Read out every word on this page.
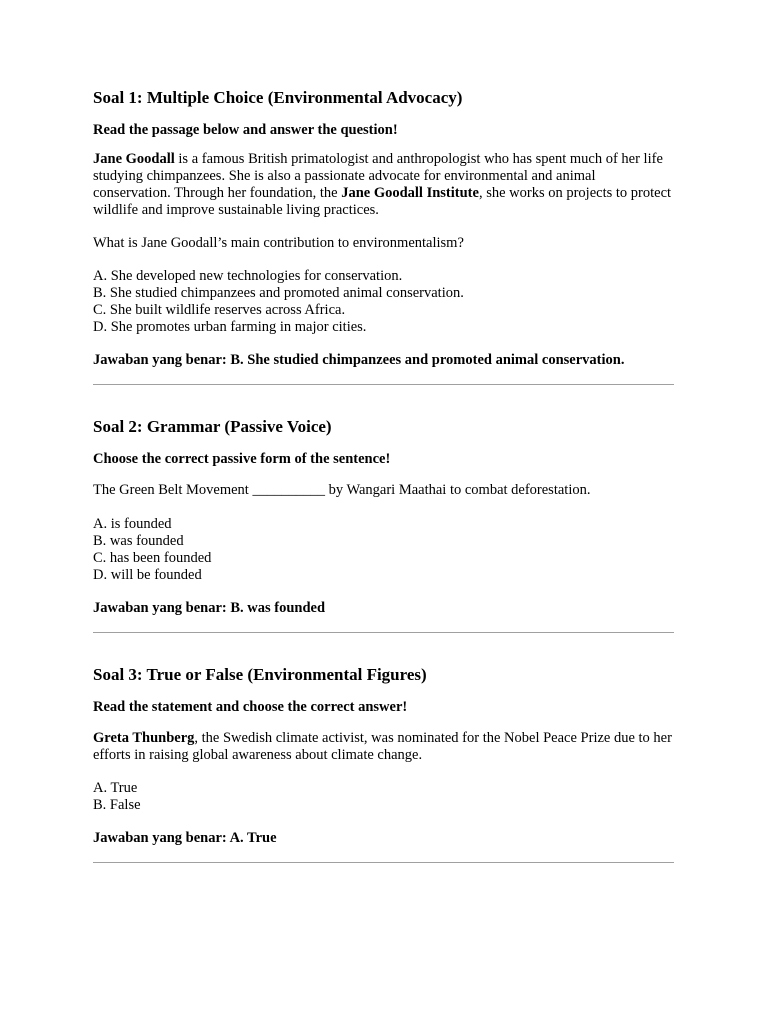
Soal 1: Multiple Choice (Environmental Advocacy)

Read the passage below and answer the question!

Jane Goodall is a famous British primatologist and anthropologist who has spent much of her life studying chimpanzees. She is also a passionate advocate for environmental and animal conservation. Through her foundation, the Jane Goodall Institute, she works on projects to protect wildlife and improve sustainable living practices.

What is Jane Goodall’s main contribution to environmentalism?

A. She developed new technologies for conservation.

B. She studied chimpanzees and promoted animal conservation.

C. She built wildlife reserves across Africa.

D. She promotes urban farming in major cities.

Jawaban yang benar: B. She studied chimpanzees and promoted animal conservation.

Soal 2: Grammar (Passive Voice)

Choose the correct passive form of the sentence!

The Green Belt Movement __________ by Wangari Maathai to combat deforestation.

A. is founded

B. was founded

C. has been founded

D. will be founded

Jawaban yang benar: B. was founded

Soal 3: True or False (Environmental Figures)

Read the statement and choose the correct answer!

Greta Thunberg, the Swedish climate activist, was nominated for the Nobel Peace Prize due to her efforts in raising global awareness about climate change.

A. True

B. False

Jawaban yang benar: A. True
